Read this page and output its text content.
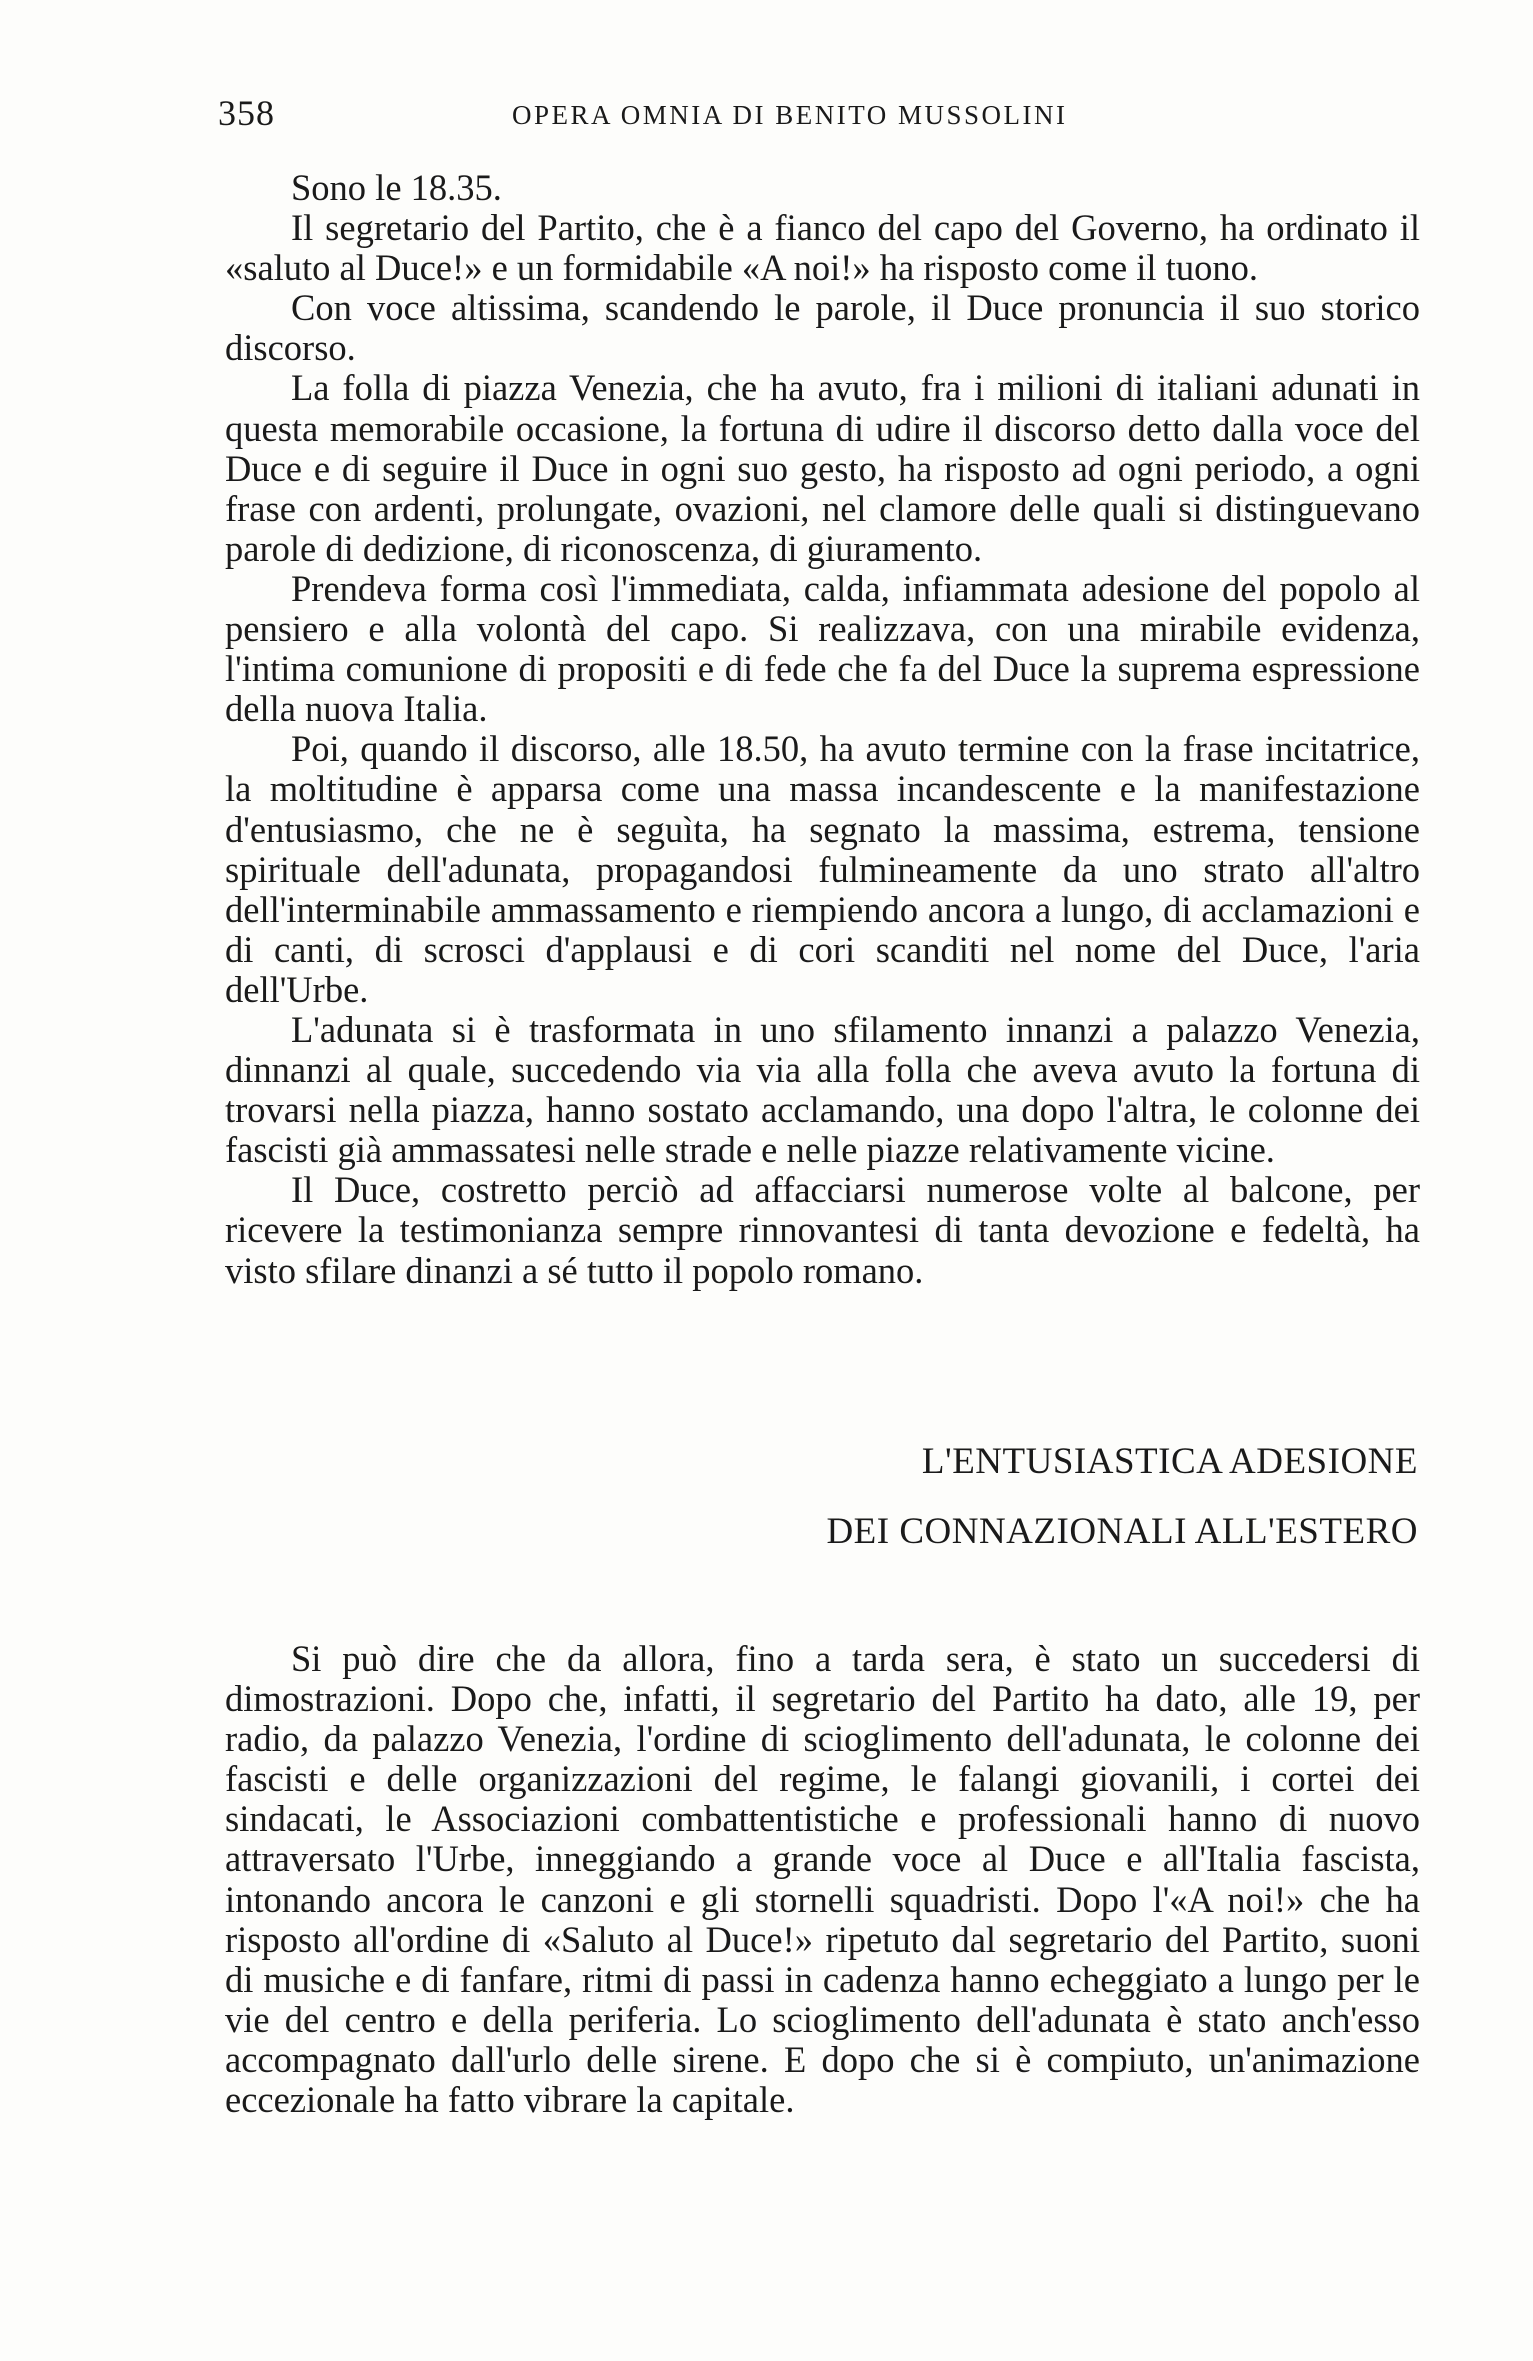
358	OPERA OMNIA DI BENITO MUSSOLINI

Sono le 18.35.

Il segretario del Partito, che è a fianco del capo del Governo, ha ordinato il «saluto al Duce!» e un formidabile «A noi!» ha risposto come il tuono.

Con voce altissima, scandendo le parole, il Duce pronuncia il suo storico discorso.

La folla di piazza Venezia, che ha avuto, fra i milioni di italiani adunati in questa memorabile occasione, la fortuna di udire il discorso detto dalla voce del Duce e di seguire il Duce in ogni suo gesto, ha risposto ad ogni periodo, a ogni frase con ardenti, prolungate, ovazioni, nel clamore delle quali si distinguevano parole di dedizione, di riconoscenza, di giuramento.

Prendeva forma così l'immediata, calda, infiammata adesione del popolo al pensiero e alla volontà del capo. Si realizzava, con una mirabile evidenza, l'intima comunione di propositi e di fede che fa del Duce la suprema espressione della nuova Italia.

Poi, quando il discorso, alle 18.50, ha avuto termine con la frase incitatrice, la moltitudine è apparsa come una massa incandescente e la manifestazione d'entusiasmo, che ne è seguìta, ha segnato la massima, estrema, tensione spirituale dell'adunata, propagandosi fulmineamente da uno strato all'altro dell'interminabile ammassamento e riempiendo ancora a lungo, di acclamazioni e di canti, di scrosci d'applausi e di cori scanditi nel nome del Duce, l'aria dell'Urbe.

L'adunata si è trasformata in uno sfilamento innanzi a palazzo Venezia, dinnanzi al quale, succedendo via via alla folla che aveva avuto la fortuna di trovarsi nella piazza, hanno sostato acclamando, una dopo l'altra, le colonne dei fascisti già ammassatesi nelle strade e nelle piazze relativamente vicine.

Il Duce, costretto perciò ad affacciarsi numerose volte al balcone, per ricevere la testimonianza sempre rinnovantesi di tanta devozione e fedeltà, ha visto sfilare dinanzi a sé tutto il popolo romano.

L'ENTUSIASTICA ADESIONE
DEI CONNAZIONALI ALL'ESTERO

Si può dire che da allora, fino a tarda sera, è stato un succedersi di dimostrazioni. Dopo che, infatti, il segretario del Partito ha dato, alle 19, per radio, da palazzo Venezia, l'ordine di scioglimento dell'adunata, le colonne dei fascisti e delle organizzazioni del regime, le falangi giovanili, i cortei dei sindacati, le Associazioni combattentistiche e professionali hanno di nuovo attraversato l'Urbe, inneggiando a grande voce al Duce e all'Italia fascista, intonando ancora le canzoni e gli stornelli squadristi. Dopo l'«A noi!» che ha risposto all'ordine di «Saluto al Duce!» ripetuto dal segretario del Partito, suoni di musiche e di fanfare, ritmi di passi in cadenza hanno echeggiato a lungo per le vie del centro e della periferia. Lo scioglimento dell'adunata è stato anch'esso accompagnato dall'urlo delle sirene. E dopo che si è compiuto, un'animazione eccezionale ha fatto vibrare la capitale.
